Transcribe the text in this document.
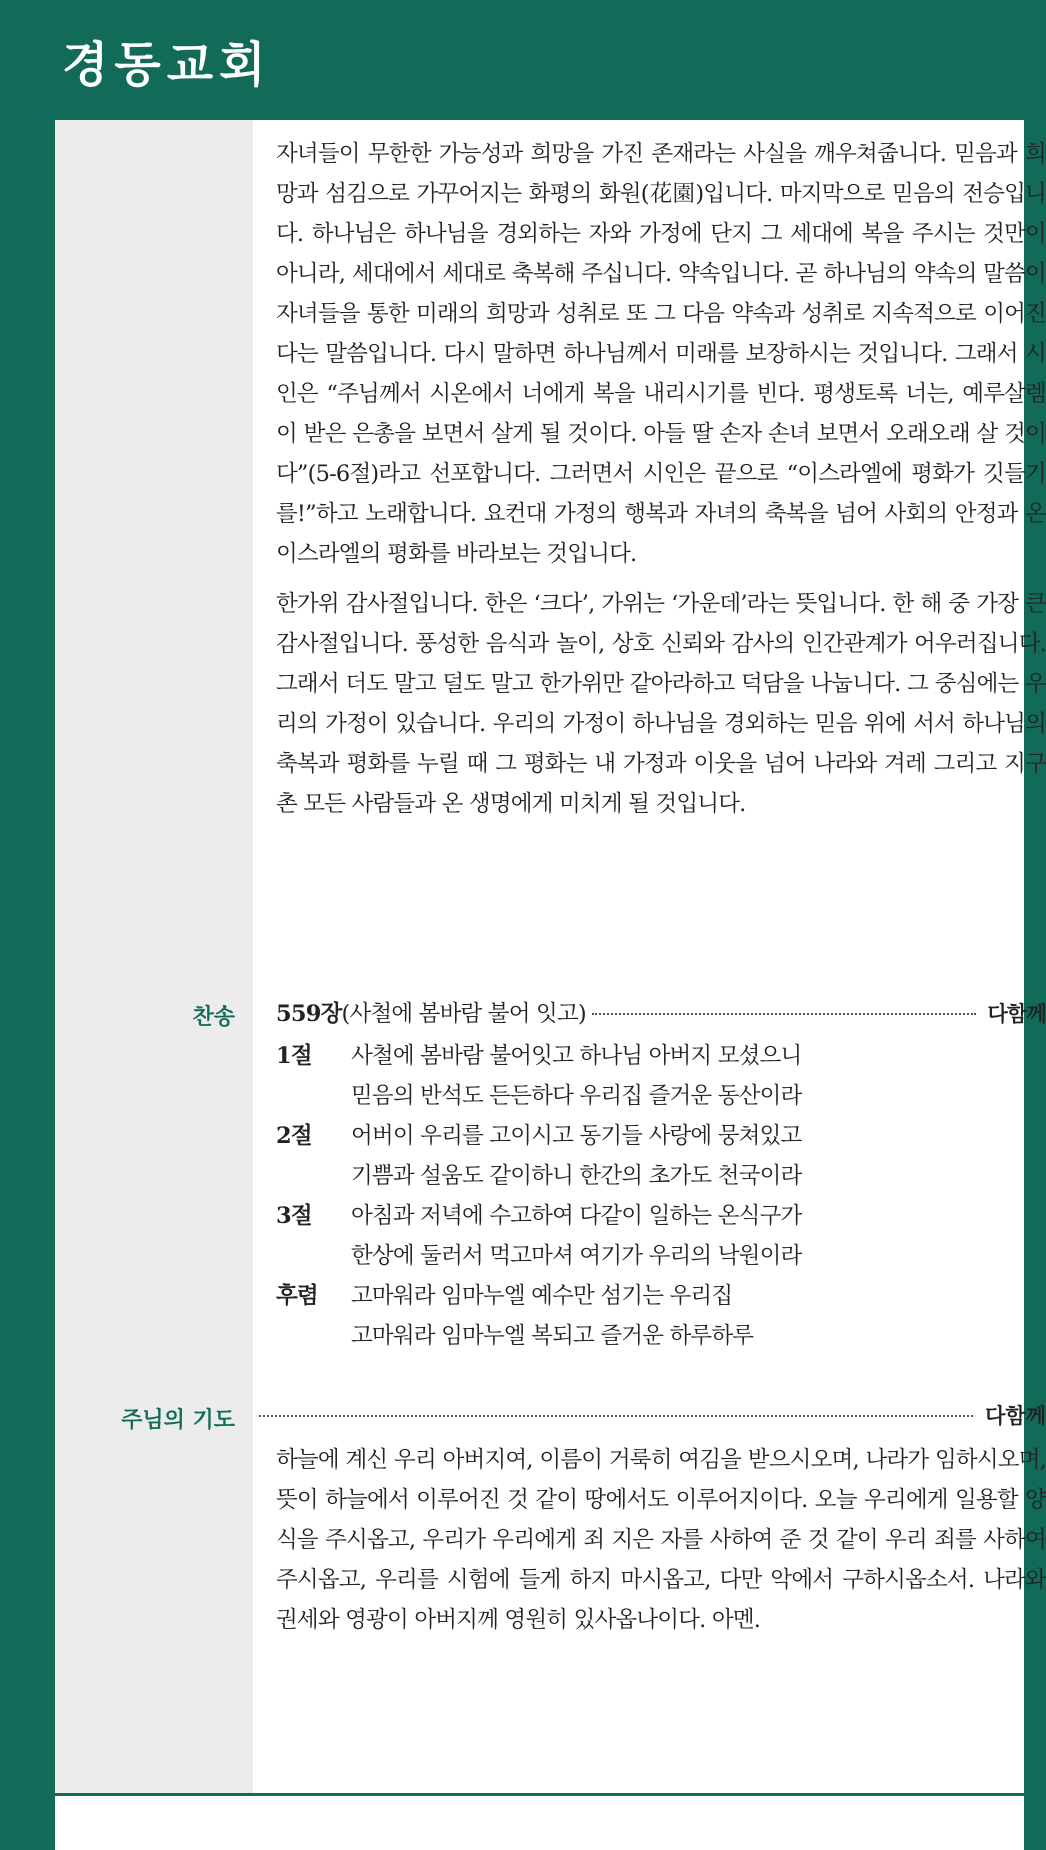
경동교회

자녀들이 무한한 가능성과 희망을 가진 존재라는 사실을 깨우쳐줍니다. 믿음과 희망과 섬김으로 가꾸어지는 화평의 화원(花園)입니다. 마지막으로 믿음의 전승입니다. 하나님은 하나님을 경외하는 자와 가정에 단지 그 세대에 복을 주시는 것만이 아니라, 세대에서 세대로 축복해 주십니다. 약속입니다. 곧 하나님의 약속의 말씀이 자녀들을 통한 미래의 희망과 성취로 또 그 다음 약속과 성취로 지속적으로 이어진다는 말씀입니다. 다시 말하면 하나님께서 미래를 보장하시는 것입니다. 그래서 시인은 “주님께서 시온에서 너에게 복을 내리시기를 빈다. 평생토록 너는, 예루살렘이 받은 은총을 보면서 살게 될 것이다. 아들 딸 손자 손녀 보면서 오래오래 살 것이다”(5-6절)라고 선포합니다. 그러면서 시인은 끝으로 “이스라엘에 평화가 깃들기를!”하고 노래합니다. 요컨대 가정의 행복과 자녀의 축복을 넘어 사회의 안정과 온 이스라엘의 평화를 바라보는 것입니다.

한가위 감사절입니다. 한은 ‘크다’, 가위는 ‘가운데’라는 뜻입니다. 한 해 중 가장 큰 감사절입니다. 풍성한 음식과 놀이, 상호 신뢰와 감사의 인간관계가 어우러집니다. 그래서 더도 말고 덜도 말고 한가위만 같아라하고 덕담을 나눕니다. 그 중심에는 우리의 가정이 있습니다. 우리의 가정이 하나님을 경외하는 믿음 위에 서서 하나님의 축복과 평화를 누릴 때 그 평화는 내 가정과 이웃을 넘어 나라와 겨레 그리고 지구촌 모든 사람들과 온 생명에게 미치게 될 것입니다.

찬송 559장 (사철에 봄바람 불어 잇고)	다함께
1절	사철에 봄바람 불어잇고 하나님 아버지 모셨으니
믿음의 반석도 든든하다 우리집 즐거운 동산이라
2절	어버이 우리를 고이시고 동기들 사랑에 뭉쳐있고
기쁨과 설움도 같이하니 한간의 초가도 천국이라
3절	아침과 저녁에 수고하여 다같이 일하는 온식구가
한상에 둘러서 먹고마셔 여기가 우리의 낙원이라
후렴	고마워라 임마누엘 예수만 섬기는 우리집
고마워라 임마누엘 복되고 즐거운 하루하루
주님의 기도	다함께

하늘에 계신 우리 아버지여, 이름이 거룩히 여김을 받으시오며, 나라가 임하시오며, 뜻이 하늘에서 이루어진 것 같이 땅에서도 이루어지이다. 오늘 우리에게 일용할 양식을 주시옵고, 우리가 우리에게 죄 지은 자를 사하여 준 것 같이 우리 죄를 사하여 주시옵고, 우리를 시험에 들게 하지 마시옵고, 다만 악에서 구하시옵소서. 나라와 권세와 영광이 아버지께 영원히 있사옵나이다. 아멘.
